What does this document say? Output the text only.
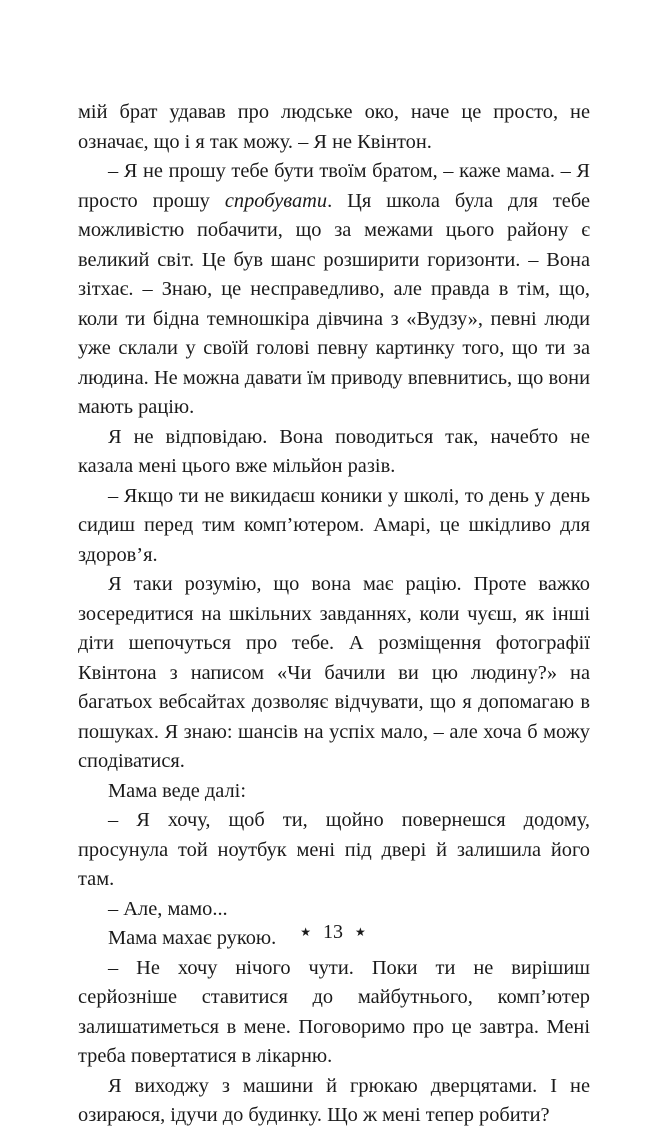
мій брат удавав про людське око, наче це просто, не означає, що і я так можу. – Я не Квінтон.

– Я не прошу тебе бути твоїм братом, – каже мама. – Я просто прошу спробувати. Ця школа була для тебе можливістю побачити, що за межами цього району є великий світ. Це був шанс розширити горизонти. – Вона зітхає. – Знаю, це несправедливо, але правда в тім, що, коли ти бідна темношкіра дівчина з «Вудзу», певні люди уже склали у своїй голові певну картинку того, що ти за людина. Не можна давати їм приводу впевнитись, що вони мають рацію.

Я не відповідаю. Вона поводиться так, начебто не казала мені цього вже мільйон разів.

– Якщо ти не викидаєш коники у школі, то день у день сидиш перед тим комп’ютером. Амарі, це шкідливо для здоров’я.

Я таки розумію, що вона має рацію. Проте важко зосередитися на шкільних завданнях, коли чуєш, як інші діти шепочуться про тебе. А розміщення фотографії Квінтона з написом «Чи бачили ви цю людину?» на багатьох вебсайтах дозволяє відчувати, що я допомагаю в пошуках. Я знаю: шансів на успіх мало, – але хоча б можу сподіватися.

Мама веде далі:

– Я хочу, щоб ти, щойно повернешся додому, просунула той ноутбук мені під двері й залишила його там.

– Але, мамо...

Мама махає рукою.

– Не хочу нічого чути. Поки ти не вирішиш серйозніше ставитися до майбутнього, комп’ютер залишатиметься в мене. Поговоримо про це завтра. Мені треба повертатися в лікарню.

Я виходжу з машини й грюкаю дверцятами. І не озираюся, ідучи до будинку. Що ж мені тепер робити?

★ 13 ★
